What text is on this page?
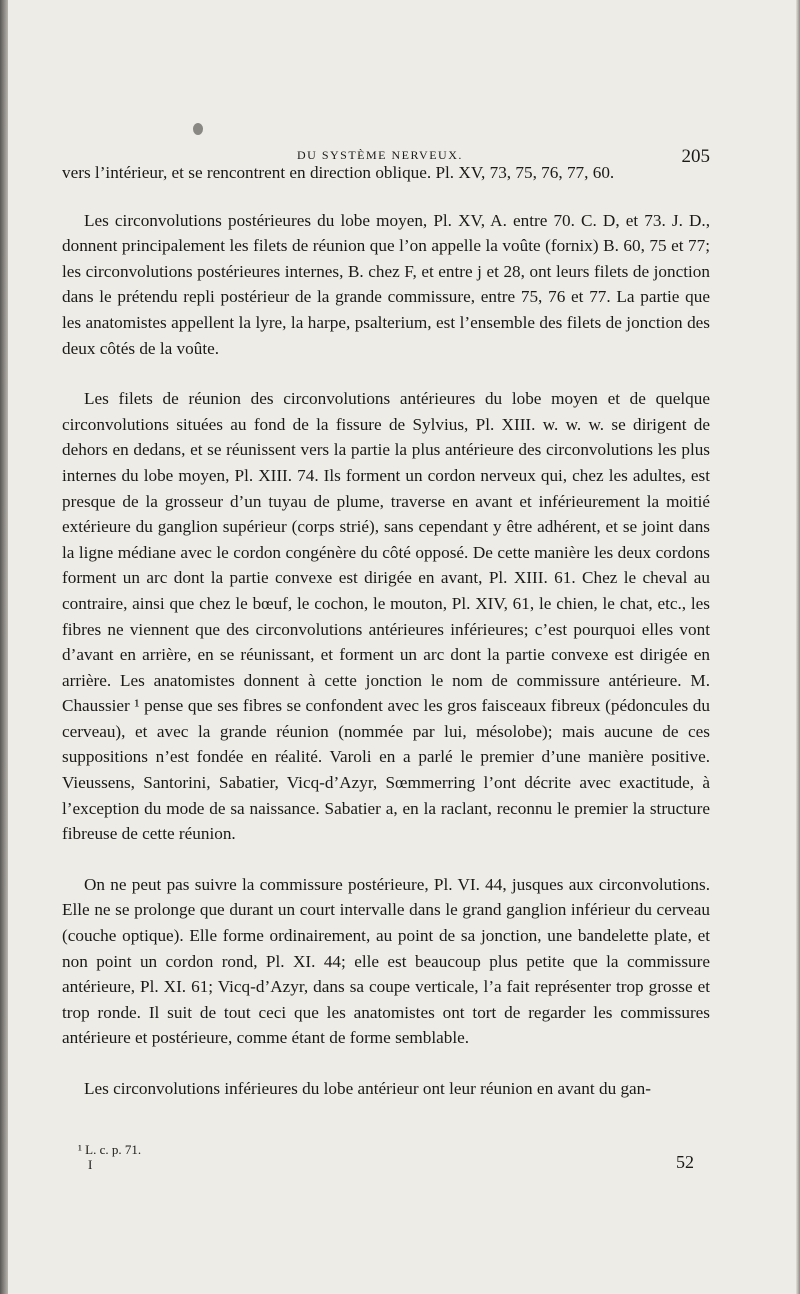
DU SYSTÈME NERVEUX.	205

vers l’intérieur, et se rencontrent en direction oblique. Pl. XV, 73, 75, 76, 77, 60.

Les circonvolutions postérieures du lobe moyen, Pl. XV, A. entre 70. C. D, et 73. J. D., donnent principalement les filets de réunion que l’on appelle la voûte (fornix) B. 60, 75 et 77; les circonvolutions postérieures internes, B. chez F, et entre j et 28, ont leurs filets de jonction dans le prétendu repli postérieur de la grande commissure, entre 75, 76 et 77. La partie que les anatomistes appellent la lyre, la harpe, psalterium, est l’ensemble des filets de jonction des deux côtés de la voûte.

Les filets de réunion des circonvolutions antérieures du lobe moyen et de quelque circonvolutions situées au fond de la fissure de Sylvius, Pl. XIII. w. w. w. se dirigent de dehors en dedans, et se réunissent vers la partie la plus antérieure des circonvolutions les plus internes du lobe moyen, Pl. XIII. 74. Ils forment un cordon nerveux qui, chez les adultes, est presque de la grosseur d’un tuyau de plume, traverse en avant et inférieurement la moitié extérieure du ganglion supérieur (corps strié), sans cependant y être adhérent, et se joint dans la ligne médiane avec le cordon congénère du côté opposé. De cette manière les deux cordons forment un arc dont la partie convexe est dirigée en avant, Pl. XIII. 61. Chez le cheval au contraire, ainsi que chez le bœuf, le cochon, le mouton, Pl. XIV, 61, le chien, le chat, etc., les fibres ne viennent que des circonvolutions antérieures inférieures; c’est pourquoi elles vont d’avant en arrière, en se réunissant, et forment un arc dont la partie convexe est dirigée en arrière. Les anatomistes donnent à cette jonction le nom de commissure antérieure. M. Chaussier ¹ pense que ses fibres se confondent avec les gros faisceaux fibreux (pédoncules du cerveau), et avec la grande réunion (nommée par lui, mésolobe); mais aucune de ces suppositions n’est fondée en réalité. Varoli en a parlé le premier d’une manière positive. Vieussens, Santorini, Sabatier, Vicq-d’Azyr, Sœmmerring l’ont décrite avec exactitude, à l’exception du mode de sa naissance. Sabatier a, en la raclant, reconnu le premier la structure fibreuse de cette réunion.

On ne peut pas suivre la commissure postérieure, Pl. VI. 44, jusques aux circonvolutions. Elle ne se prolonge que durant un court intervalle dans le grand ganglion inférieur du cerveau (couche optique). Elle forme ordinairement, au point de sa jonction, une bandelette plate, et non point un cordon rond, Pl. XI. 44; elle est beaucoup plus petite que la commissure antérieure, Pl. XI. 61; Vicq-d’Azyr, dans sa coupe verticale, l’a fait représenter trop grosse et trop ronde. Il suit de tout ceci que les anatomistes ont tort de regarder les commissures antérieure et postérieure, comme étant de forme semblable.

Les circonvolutions inférieures du lobe antérieur ont leur réunion en avant du gan-

¹ L. c. p. 71.
I	52
